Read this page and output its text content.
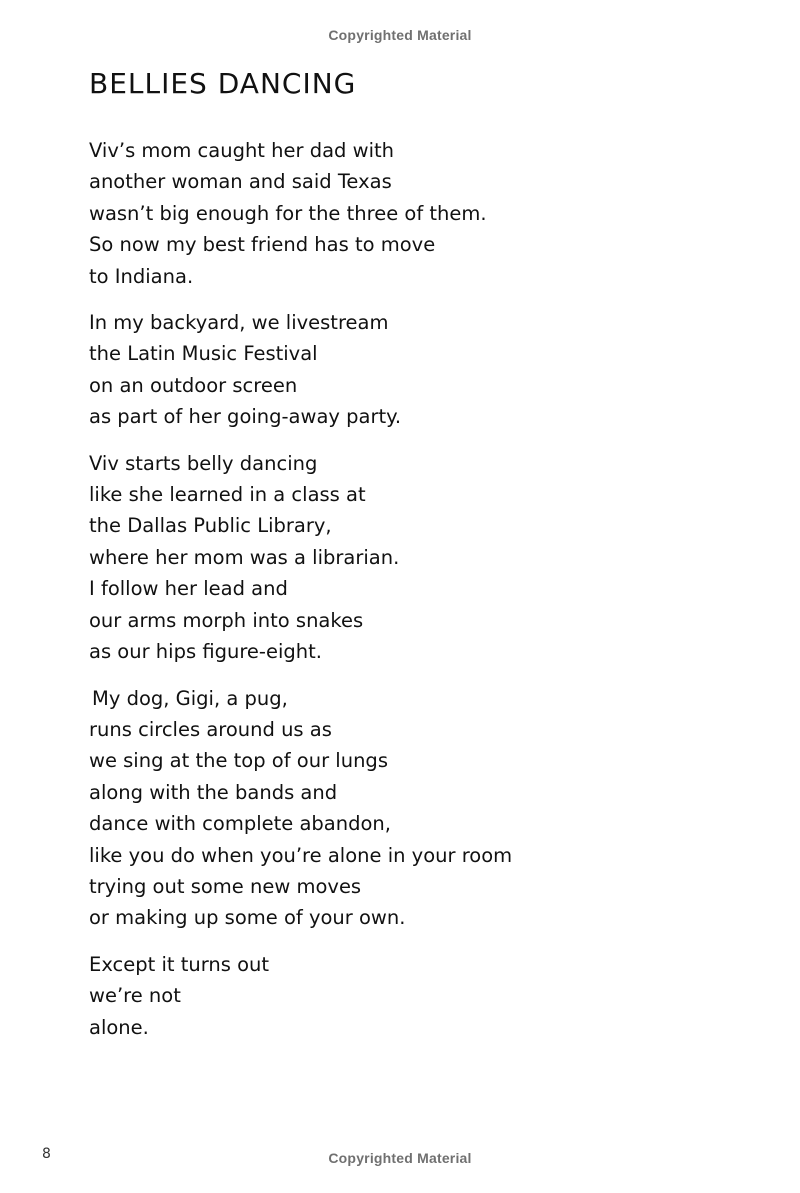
Copyrighted Material
BELLIES DANCING
Viv’s mom caught her dad with
another woman and said Texas
wasn’t big enough for the three of them.
So now my best friend has to move
to Indiana.
In my backyard, we livestream
the Latin Music Festival
on an outdoor screen
as part of her going-away party.
Viv starts belly dancing
like she learned in a class at
the Dallas Public Library,
where her mom was a librarian.
I follow her lead and
our arms morph into snakes
as our hips figure-eight.
My dog, Gigi, a pug,
runs circles around us as
we sing at the top of our lungs
along with the bands and
dance with complete abandon,
like you do when you’re alone in your room
trying out some new moves
or making up some of your own.
Except it turns out
we’re not
alone.
8	Copyrighted Material
